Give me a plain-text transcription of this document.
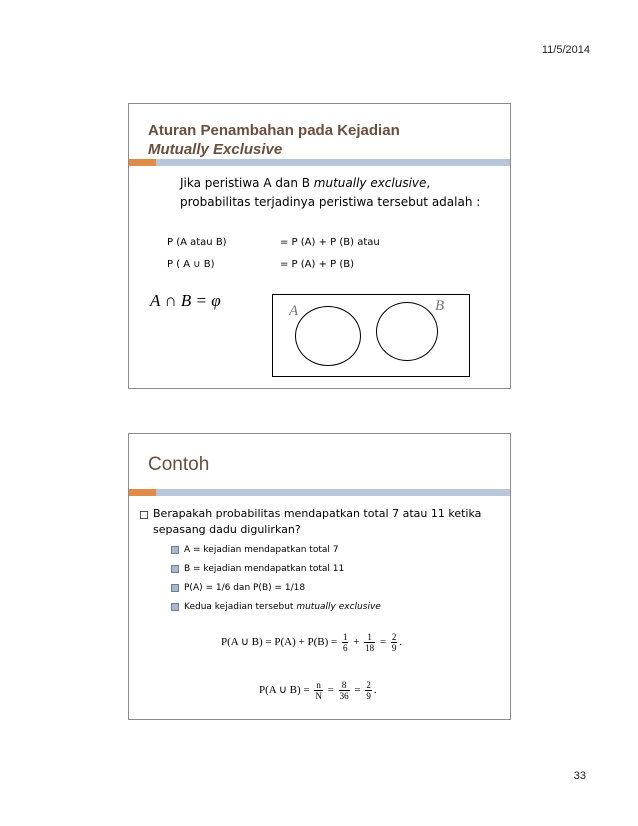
11/5/2014
Aturan Penambahan pada Kejadian
Mutually Exclusive
Jika peristiwa A dan B mutually exclusive, probabilitas terjadinya peristiwa tersebut adalah :
P (A atau B)	= P (A) + P (B) atau
P ( A ∪ B)	= P (A) + P (B)
A ∩ B = φ
A	B
Contoh
Berapakah probabilitas mendapatkan total 7 atau 11 ketika sepasang dadu digulirkan?
A = kejadian mendapatkan total 7
B = kejadian mendapatkan total 11
P(A) = 1/6 dan P(B) = 1/18
Kedua kejadian tersebut mutually exclusive
P(A ∪ $B) = P(A) + P(B) = \frac{1}{6} + \frac{1}{18} = \frac{2}{9}$ .
P(A ∪ $B) = \frac{n}{N} = \frac{8}{36} = \frac{2}{9}$ .
33
